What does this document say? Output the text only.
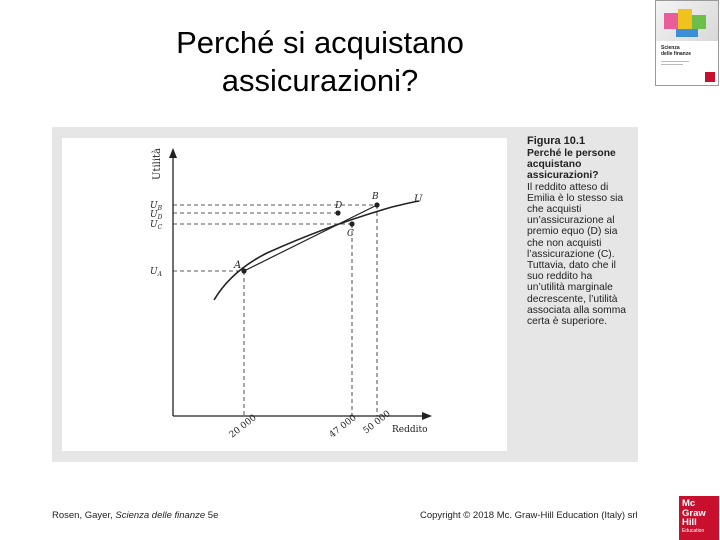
Perché si acquistano
assicurazioni?
Scienza
delle finanze
A
B
C
D
U
$U_B$
$U_D$
$U_C$
$U_A$
Utilità
Reddito
20 000	47 000 50 000
Figura 10.1
Perché le persone acquistano assicurazioni?
Il reddito atteso di Emilia è lo stesso sia che acquisti un’assicurazione al premio equo (D) sia che non acquisti l’assicurazione (C). Tuttavia, dato che il suo reddito ha un’utilità marginale decrescente, l’utilità associata alla somma certa è superiore.
Rosen, Gayer, Scienza delle finanze 5e	Copyright © 2018 Mc. Graw-Hill Education (Italy) srl
Mc
Graw
Hill
Education
